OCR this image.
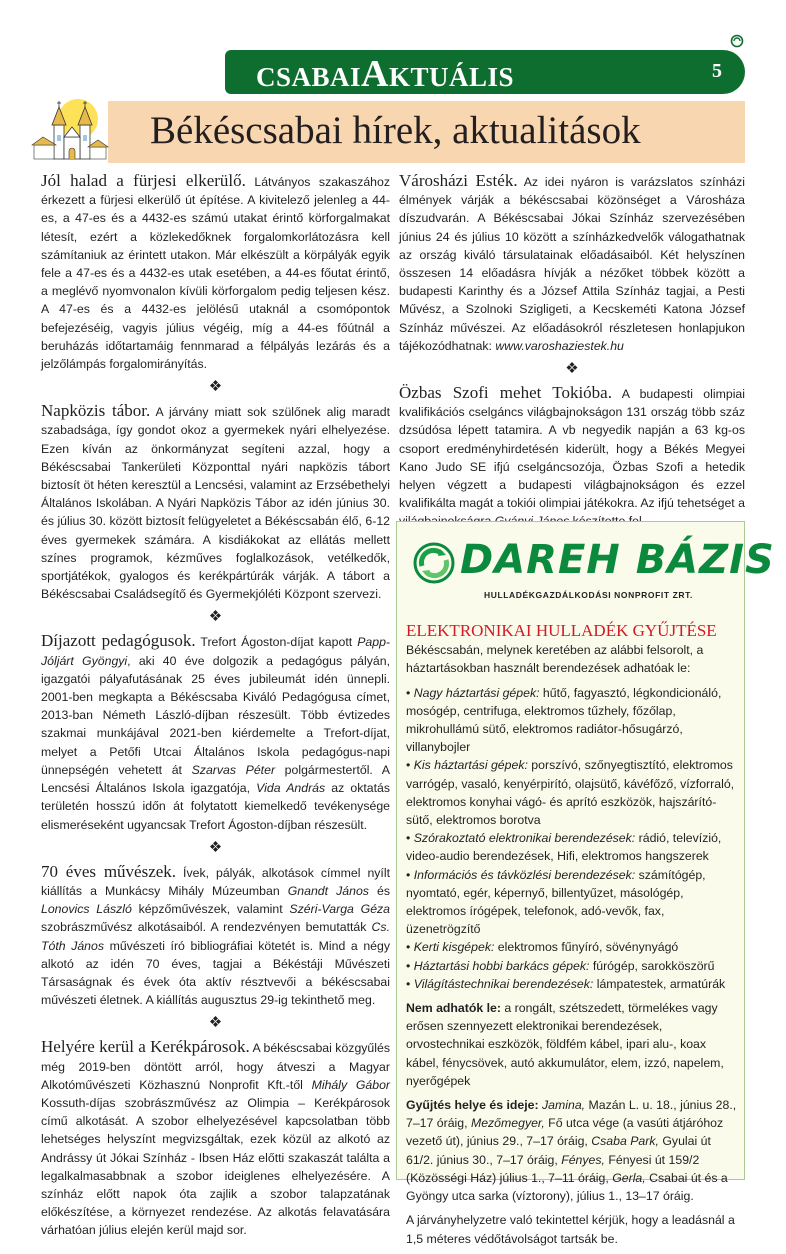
CSABAIAKTUÁLIS	5
Békéscsabai hírek, aktualitások

Jól halad a fürjesi elkerülő. Látványos szakaszához érkezett a fürjesi elkerülő út építése. A kivitelező jelenleg a 44-es, a 47-es és a 4432-es számú utakat érintő körforgalmakat létesít, ezért a közlekedőknek forgalomkorlátozásra kell számítaniuk az érintett utakon. Már elkészült a körpályák egyik fele a 47-es és a 4432-es utak esetében, a 44-es főutat érintő, a meglévő nyomvonalon kívüli körforgalom pedig teljesen kész. A 47-es és a 4432-es jelölésű utaknál a csomópontok befejezéséig, vagyis július végéig, míg a 44-es főútnál a beruházás időtartamáig fennmarad a félpályás lezárás és a jelzőlámpás forgalomirányítás.

❖

Napközis tábor. A járvány miatt sok szülőnek alig maradt szabadsága, így gondot okoz a gyermekek nyári elhelyezése. Ezen kíván az önkormányzat segíteni azzal, hogy a Békéscsabai Tankerületi Központtal nyári napközis tábort biztosít öt héten keresztül a Lencsési, valamint az Erzsébethelyi Általános Iskolában. A Nyári Napközis Tábor az idén június 30. és július 30. között biztosít felügyeletet a Békéscsabán élő, 6-12 éves gyermekek számára. A kisdiákokat az ellátás mellett színes programok, kézműves foglalkozások, vetélkedők, sportjátékok, gyalogos és kerékpártúrák várják. A tábort a Békéscsabai Családsegítő és Gyermekjóléti Központ szervezi.

❖

Díjazott pedagógusok. Trefort Ágoston-díjat kapott Papp-Jóljárt Gyöngyi, aki 40 éve dolgozik a pedagógus pályán, igazgatói pályafutásának 25 éves jubileumát idén ünnepli. 2001-ben megkapta a Békéscsaba Kiváló Pedagógusa címet, 2013-ban Németh László-díjban részesült. Több évtizedes szakmai munkájával 2021-ben kiérdemelte a Trefort-díjat, melyet a Petőfi Utcai Általános Iskola pedagógus-napi ünnepségén vehetett át Szarvas Péter polgármestertől. A Lencsési Általános Iskola igazgatója, Vida András az oktatás területén hosszú időn át folytatott kiemelkedő tevékenysége elismeréseként ugyancsak Trefort Ágoston-díjban részesült.

❖

70 éves művészek. Ívek, pályák, alkotások címmel nyílt kiállítás a Munkácsy Mihály Múzeumban Gnandt János és Lonovics László képzőművészek, valamint Széri-Varga Géza szobrászművész alkotásaiból. A rendezvényen bemutatták Cs. Tóth János művészeti író bibliográfiai kötetét is. Mind a négy alkotó az idén 70 éves, tagjai a Békéstáji Művészeti Társaságnak és évek óta aktív résztvevői a békéscsabai művészeti életnek. A kiállítás augusztus 29-ig tekinthető meg.

❖

Helyére kerül a Kerékpárosok. A békéscsabai közgyűlés még 2019-ben döntött arról, hogy átveszi a Magyar Alkotóművészeti Közhasznú Nonprofit Kft.-től Mihály Gábor Kossuth-díjas szobrászművész az Olimpia – Kerékpárosok című alkotását. A szobor elhelyezésével kapcsolatban több lehetséges helyszínt megvizsgáltak, ezek közül az alkotó az Andrássy út Jókai Színház - Ibsen Ház előtti szakaszát találta a legalkalmasabbnak a szobor ideiglenes elhelyezésére. A színház előtt napok óta zajlik a szobor talapzatának előkészítése, a környezet rendezése. Az alkotás felavatására várhatóan július elején kerül majd sor.

Városházi Esték. Az idei nyáron is varázslatos színházi élmények várják a békéscsabai közönséget a Városháza díszudvarán. A Békéscsabai Jókai Színház szervezésében június 24 és július 10 között a színházkedvelők válogathatnak az ország kiváló társulatainak előadásaiból. Két helyszínen összesen 14 előadásra hívják a nézőket többek között a budapesti Karinthy és a József Attila Színház tagjai, a Pesti Művész, a Szolnoki Szigligeti, a Kecskeméti Katona József Színház művészei. Az előadásokról részletesen honlapjukon tájékozódhatnak: www.varoshaziestek.hu

❖

Özbas Szofi mehet Tokióba. A budapesti olimpiai kvalifikációs cselgáncs világbajnokságon 131 ország több száz dzsúdósa lépett tatamira. A vb negyedik napján a 63 kg-os csoport eredményhirdetésén kiderült, hogy a Békés Megyei Kano Judo SE ifjú cselgáncsozója, Özbas Szofi a hetedik helyen végzett a budapesti világbajnokságon és ezzel kvalifikálta magát a tokiói olimpiai játékokra. Az ifjú tehetséget a

DAREH BÁZIS
HULLADÉKGAZDÁLKODÁSI NONPROFIT ZRT.
ELEKTRONIKAI HULLADÉK GYŰJTÉSE

Békéscsabán, melynek keretében az alábbi felsorolt, a háztartásokban használt berendezések adhatóak le:

• Nagy háztartási gépek: hűtő, fagyasztó, légkondicionáló, mosógép, centrifuga, elektromos tűzhely, főzőlap, mikrohullámú sütő, elektromos radiátor-hősugárzó, villanybojler
• Kis háztartási gépek: porszívó, szőnyegtisztító, elektromos varrógép, vasaló, kenyérpirító, olajsütő, kávéfőző, vízforraló, elektromos konyhai vágó- és aprító eszközök, hajszárító-sütő, elektromos borotva
• Szórakoztató elektronikai berendezések: rádió, televízió, video-audio berendezések, Hifi, elektromos hangszerek
• Információs és távközlési berendezések: számítógép, nyomtató, egér, képernyő, billentyűzet, másológép, elektromos írógépek, telefonok, adó-vevők, fax, üzenetrögzítő
• Kerti kisgépek: elektromos fűnyíró, sövénynyágó
• Háztartási hobbi barkács gépek: fúrógép, sarokköszörű
• Világítástechnikai berendezések: lámpatestek, armatúrák

Nem adhatók le: a rongált, szétszedett, törmelékes vagy erősen szennyezett elektronikai berendezések, orvostechnikai eszközök, földfém kábel, ipari alu-, koax kábel, fénycsövek, autó akkumulátor, elem, izzó, napelem, nyerőgépek

Gyűjtés helye és ideje: Jamina, Mazán L. u. 18., június 28., 7–17 óráig, Mezőmegyer, Fő utca vége (a vasúti átjáróhoz vezető út), június 29., 7–17 óráig, Csaba Park, Gyulai út 61/2. június 30., 7–17 óráig, Fényes, Fényesi út 159/2 (Közösségi Ház) július 1., 7–11 óráig, Gerla, Csabai út és a Gyöngy utca sarka (víztorony), július 1., 13–17 óráig.

A járványhelyzetre való tekintettel kérjük, hogy a leadásnál a 1,5 méteres védőtávolságot tartsák be.
